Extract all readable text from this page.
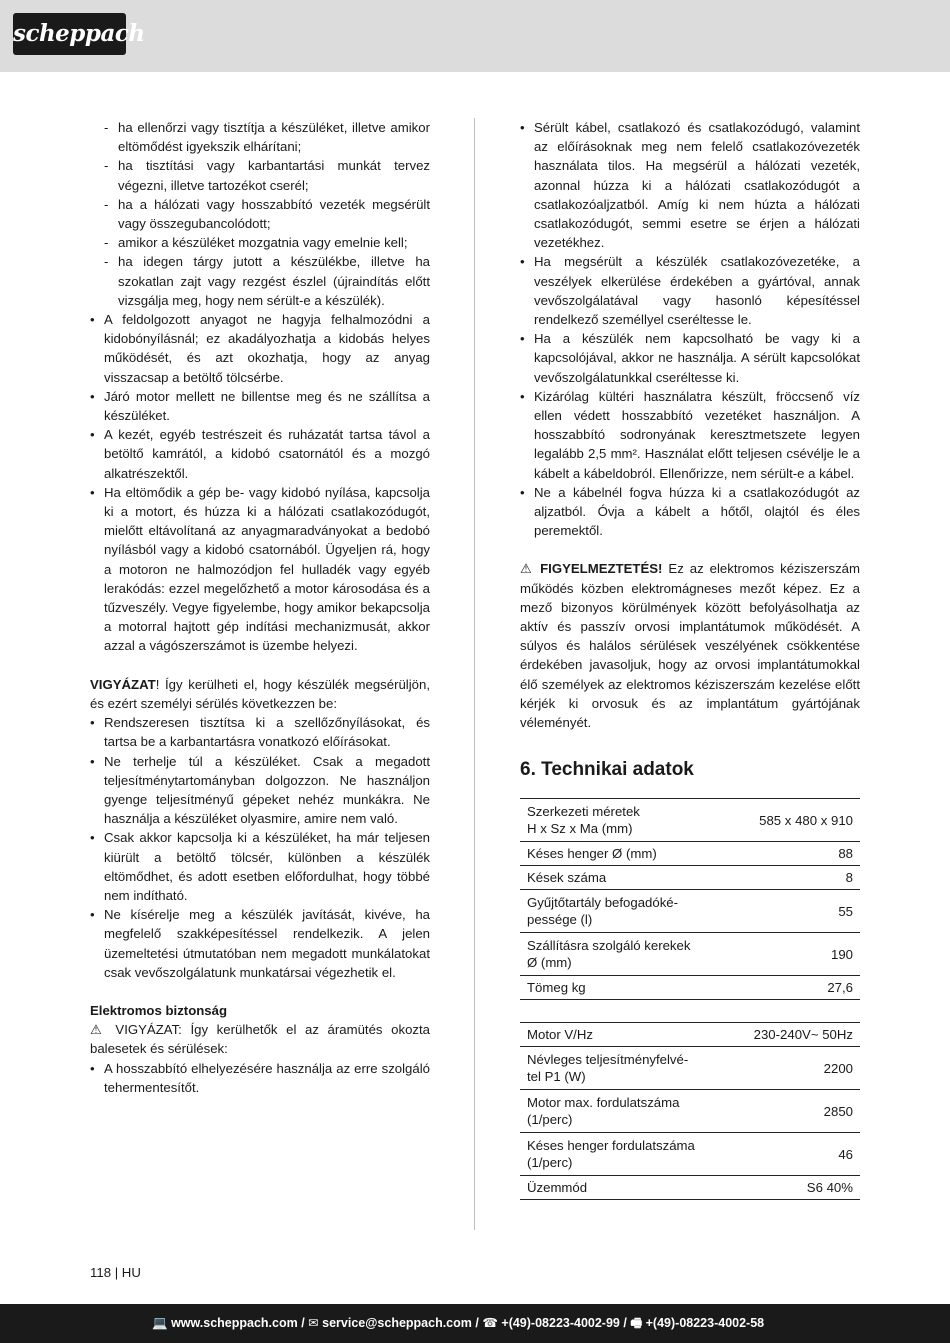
scheppach
- ha ellenőrzi vagy tisztítja a készüléket, illetve amikor eltömődést igyekszik elhárítani;
- ha tisztítási vagy karbantartási munkát tervez végezni, illetve tartozékot cserél;
- ha a hálózati vagy hosszabbító vezeték megsérült vagy összegubancolódott;
- amikor a készüléket mozgatnia vagy emelnie kell;
- ha idegen tárgy jutott a készülékbe, illetve ha szokatlan zajt vagy rezgést észlel (újraindítás előtt vizsgálja meg, hogy nem sérült-e a készülék).
• A feldolgozott anyagot ne hagyja felhalmozódni a kidobónyílásnál; ez akadályozhatja a kidobás helyes működését, és azt okozhatja, hogy az anyag visszacsap a betöltő tölcsérbe.
• Járó motor mellett ne billentse meg és ne szállítsa a készüléket.
• A kezét, egyéb testrészeit és ruházatát tartsa távol a betöltő kamrától, a kidobó csatornától és a mozgó alkatrészektől.
• Ha eltömődik a gép be- vagy kidobó nyílása, kapcsolja ki a motort, és húzza ki a hálózati csatlakozódugót, mielőtt eltávolítaná az anyagmaradványokat a bedobó nyílásból vagy a kidobó csatornából. Ügyeljen rá, hogy a motoron ne halmozódjon fel hulladék vagy egyéb lerakódás: ezzel megelőzhető a motor károsodása és a tűzveszély. Vegye figyelembe, hogy amikor bekapcsolja a motorral hajtott gép indítási mechanizmusát, akkor azzal a vágószerszámot is üzembe helyezi.
VIGYÁZAT! Így kerülheti el, hogy készülék megsérüljön, és ezért személyi sérülés következzen be:
• Rendszeresen tisztítsa ki a szellőzőnyílásokat, és tartsa be a karbantartásra vonatkozó előírásokat.
• Ne terhelje túl a készüléket. Csak a megadott teljesítménytartományban dolgozzon. Ne használjon gyenge teljesítményű gépeket nehéz munkákra. Ne használja a készüléket olyasmire, amire nem való.
• Csak akkor kapcsolja ki a készüléket, ha már teljesen kiürült a betöltő tölcsér, különben a készülék eltömődhet, és adott esetben előfordulhat, hogy többé nem indítható.
• Ne kísérelje meg a készülék javítását, kivéve, ha megfelelő szakképesítéssel rendelkezik. A jelen üzemeltetési útmutatóban nem megadott munkálatokat csak vevőszolgálatunk munkatársai végezhetik el.
Elektromos biztonság
⚠ VIGYÁZAT: Így kerülhetők el az áramütés okozta balesetek és sérülések:
• A hosszabbító elhelyezésére használja az erre szolgáló tehermentesítőt.
• Sérült kábel, csatlakozó és csatlakozódugó, valamint az előírásoknak meg nem felelő csatlakozóvezeték használata tilos. Ha megsérül a hálózati vezeték, azonnal húzza ki a hálózati csatlakozódugót a csatlakozóaljzatból. Amíg ki nem húzta a hálózati csatlakozódugót, semmi esetre se érjen a hálózati vezetékhez.
• Ha megsérült a készülék csatlakozóvezetéke, a veszélyek elkerülése érdekében a gyártóval, annak vevőszolgálatával vagy hasonló képesítéssel rendelkező személlyel cseréltesse le.
• Ha a készülék nem kapcsolható be vagy ki a kapcsolójával, akkor ne használja. A sérült kapcsolókat vevőszolgálatunkkal cseréltesse ki.
• Kizárólag kültéri használatra készült, fröccsenő víz ellen védett hosszabbító vezetéket használjon. A hosszabbító sodronyának keresztmetszete legyen legalább 2,5 mm². Használat előtt teljesen csévélje le a kábelt a kábeldobról. Ellenőrizze, nem sérült-e a kábel.
• Ne a kábelnél fogva húzza ki a csatlakozódugót az aljzatból. Óvja a kábelt a hőtől, olajtól és éles peremektől.
⚠ FIGYELMEZTETÉS! Ez az elektromos kéziszerszám működés közben elektromágneses mezőt képez. Ez a mező bizonyos körülmények között befolyásolhatja az aktív és passzív orvosi implantátumok működését. A súlyos és halálos sérülések veszélyének csökkentése érdekében javasoljuk, hogy az orvosi implantátumokkal élő személyek az elektromos kéziszerszám kezelése előtt kérjék ki orvosuk és az implantátum gyártójának véleményét.
6. Technikai adatok
Szerkezeti méretek
H x Sz x Ma (mm)	585 x 480 x 910
Késes henger Ø (mm)	88
Kések száma	8
Gyűjtőtartály befogadóké-
pessége (l)	55
Szállításra szolgáló kerekek
Ø (mm)	190
Tömeg kg	27,6
Motor V/Hz	230-240V~ 50Hz
Névleges teljesítményfelvé-
tel P1 (W)	2200
Motor max. fordulatszáma
(1/perc)	2850
Késes henger fordulatszáma
(1/perc)	46
Üzemmód	S6 40%
118 | HU
💻 www.scheppach.com / ✉ service@scheppach.com / ☎ +(49)-08223-4002-99 / 🖷 +(49)-08223-4002-58
